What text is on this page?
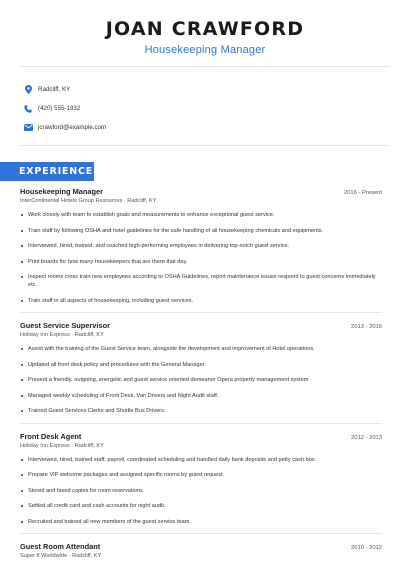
JOAN CRAWFORD
Housekeeping Manager
Radcliff, KY
(420) 555-1932
jcrawford@example.com
EXPERIENCE
Housekeeping Manager	2016 - Present
InterContinental Hotels Group Resources · Radcliff, KY
Work closely with team to establish goals and measurements to enhance exceptional guest service.
Train staff by following OSHA and hotel guidelines for the safe handling of all housekeeping chemicals and equipments.
Interviewed, hired, trained, and coached high-performing employees in delivering top-notch guest service.
Print boards for how many housekeepers that are there that day.
Inspect rooms cross train new employees according to OSHA Guidelines, report maintenance issues respond to guest concerns immediately etc.
Train staff in all aspects of housekeeping, including guest services.
Guest Service Supervisor	2013 - 2016
Holiday Inn Express · Radcliff, KY
Assist with the training of the Guest Service team, alongside the development and improvement of Hotel operations.
Updated all front desk policy and procedures with the General Manager.
Present a friendly, outgoing, energetic and guest service oriented demeanor Opera property management system
Managed weekly scheduling of Front Desk, Van Drivers and Night Audit staff.
Trained Guest Services Clerks and Shuttle Bus Drivers.
Front Desk Agent	2012 - 2013
Holiday Inn Express · Radcliff, KY
Interviewed, hired, trained staff, payroll, coordinated scheduling and handled daily bank deposits and petty cash box.
Prepare VIP welcome packages and assigned specific rooms by guest request.
Stored and faxed copies for room reservations.
Settled all credit card and cash accounts for night audit.
Recruited and trained all new members of the guest service team.
Guest Room Attendant	2010 - 2012
Super 8 Worldwide · Radcliff, KY
